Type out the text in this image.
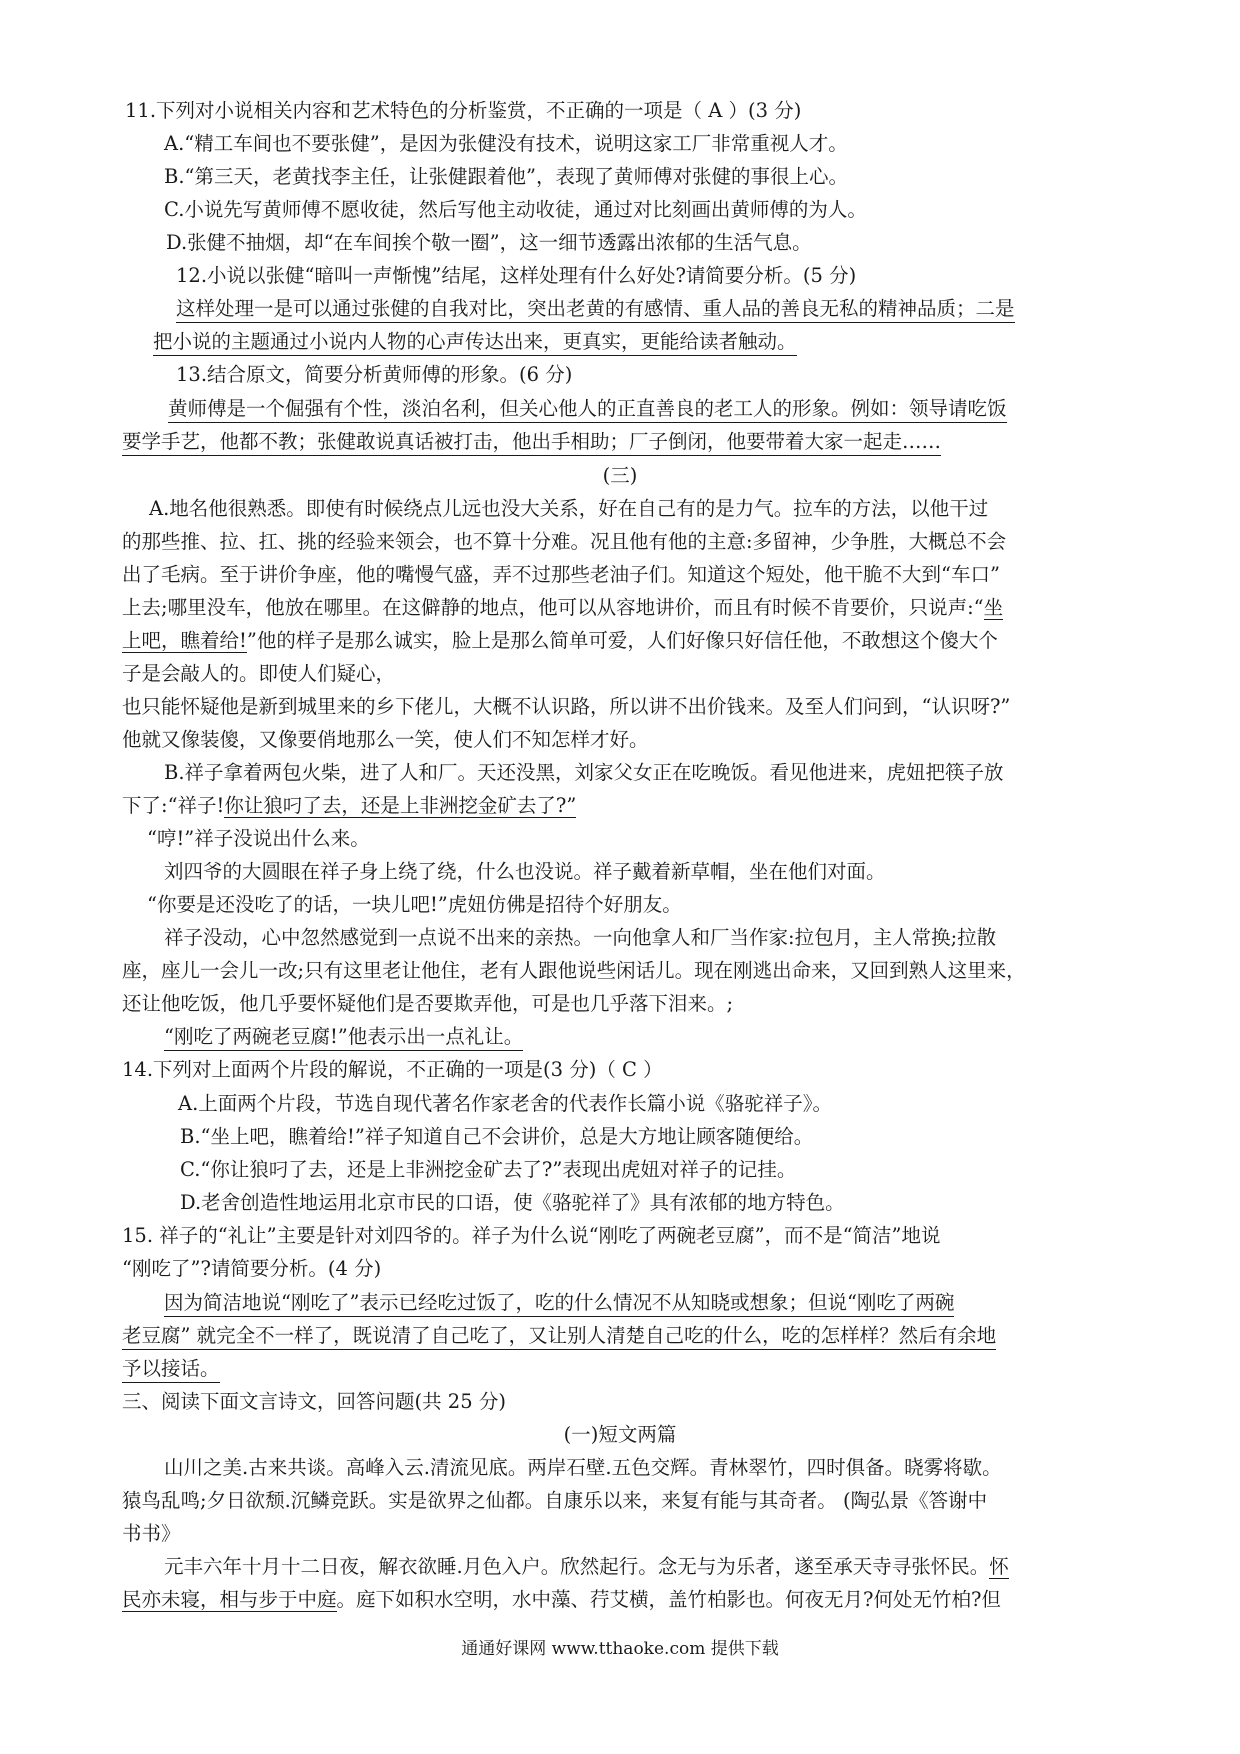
11.下列对小说相关内容和艺术特色的分析鉴赏，不正确的一项是（ A ）(3 分)
A.“精工车间也不要张健”，是因为张健没有技术，说明这家工厂非常重视人才。
B.“第三天，老黄找李主任，让张健跟着他”，表现了黄师傅对张健的事很上心。
C.小说先写黄师傅不愿收徒，然后写他主动收徒，通过对比刻画出黄师傅的为人。
D.张健不抽烟，却“在车间挨个敬一圈”，这一细节透露出浓郁的生活气息。
12.小说以张健“暗叫一声惭愧”结尾，这样处理有什么好处?请简要分析。(5 分)
这样处理一是可以通过张健的自我对比，突出老黄的有感情、重人品的善良无私的精神品质；二是
把小说的主题通过小说内人物的心声传达出来，更真实，更能给读者触动。
13.结合原文，简要分析黄师傅的形象。(6 分)
黄师傅是一个倔强有个性，淡泊名利，但关心他人的正直善良的老工人的形象。例如：领导请吃饭
要学手艺，他都不教；张健敢说真话被打击，他出手相助；厂子倒闭，他要带着大家一起走……
(三)
A.地名他很熟悉。即使有时候绕点儿远也没大关系，好在自己有的是力气。拉车的方法，以他干过
的那些推、拉、扛、挑的经验来领会，也不算十分难。况且他有他的主意:多留神，少争胜，大概总不会
出了毛病。至于讲价争座，他的嘴慢气盛，弄不过那些老油子们。知道这个短处，他干脆不大到“车口”
上去;哪里没车，他放在哪里。在这僻静的地点，他可以从容地讲价，而且有时候不肯要价，只说声:“坐
上吧，瞧着给!”他的样子是那么诚实，脸上是那么简单可爱，人们好像只好信任他，不敢想这个傻大个
子是会敲人的。即使人们疑心，
也只能怀疑他是新到城里来的乡下佬儿，大概不认识路，所以讲不出价钱来。及至人们问到，“认识呀?”
他就又像装傻，又像要俏地那么一笑，使人们不知怎样才好。
B.祥子拿着两包火柴，进了人和厂。天还没黑，刘家父女正在吃晚饭。看见他进来，虎妞把筷子放
下了:“祥子!你让狼叼了去，还是上非洲挖金矿去了?”
“哼!”祥子没说出什么来。
刘四爷的大圆眼在祥子身上绕了绕，什么也没说。祥子戴着新草帽，坐在他们对面。
“你要是还没吃了的话，一块儿吧!”虎妞仿佛是招待个好朋友。
祥子没动，心中忽然感觉到一点说不出来的亲热。一向他拿人和厂当作家:拉包月，主人常换;拉散
座，座儿一会儿一改;只有这里老让他住，老有人跟他说些闲话儿。现在刚逃出命来，又回到熟人这里来，
还让他吃饭，他几乎要怀疑他们是否要欺弄他，可是也几乎落下泪来。;
“刚吃了两碗老豆腐!”他表示出一点礼让。
14.下列对上面两个片段的解说，不正确的一项是(3 分)（ C ）
A.上面两个片段，节选自现代著名作家老舍的代表作长篇小说《骆驼祥子》。
B.“坐上吧，瞧着给!”祥子知道自己不会讲价，总是大方地让顾客随便给。
C.“你让狼叼了去，还是上非洲挖金矿去了?”表现出虎妞对祥子的记挂。
D.老舍创造性地运用北京市民的口语，使《骆驼祥了》具有浓郁的地方特色。
15. 祥子的“礼让”主要是针对刘四爷的。祥子为什么说“刚吃了两碗老豆腐”，而不是“简洁”地说
“刚吃了”?请简要分析。(4 分)
因为简洁地说“刚吃了”表示已经吃过饭了，吃的什么情况不从知晓或想象；但说“刚吃了两碗
老豆腐” 就完全不一样了，既说清了自己吃了，又让别人清楚自己吃的什么，吃的怎样样？然后有余地
予以接话。
三、阅读下面文言诗文，回答问题(共 25 分)
(一)短文两篇
山川之美.古来共谈。高峰入云.清流见底。两岸石壁.五色交辉。青林翠竹，四时俱备。晓雾将歇。
猿鸟乱鸣;夕日欲颓.沉鳞竞跃。实是欲界之仙都。自康乐以来，来复有能与其奇者。 (陶弘景《答谢中
书书》
元丰六年十月十二日夜，解衣欲睡.月色入户。欣然起行。念无与为乐者，遂至承天寺寻张怀民。怀
民亦未寝，相与步于中庭。庭下如积水空明，水中藻、荇艾横，盖竹柏影也。何夜无月?何处无竹柏?但
通通好课网 www.tthaoke.com 提供下载
